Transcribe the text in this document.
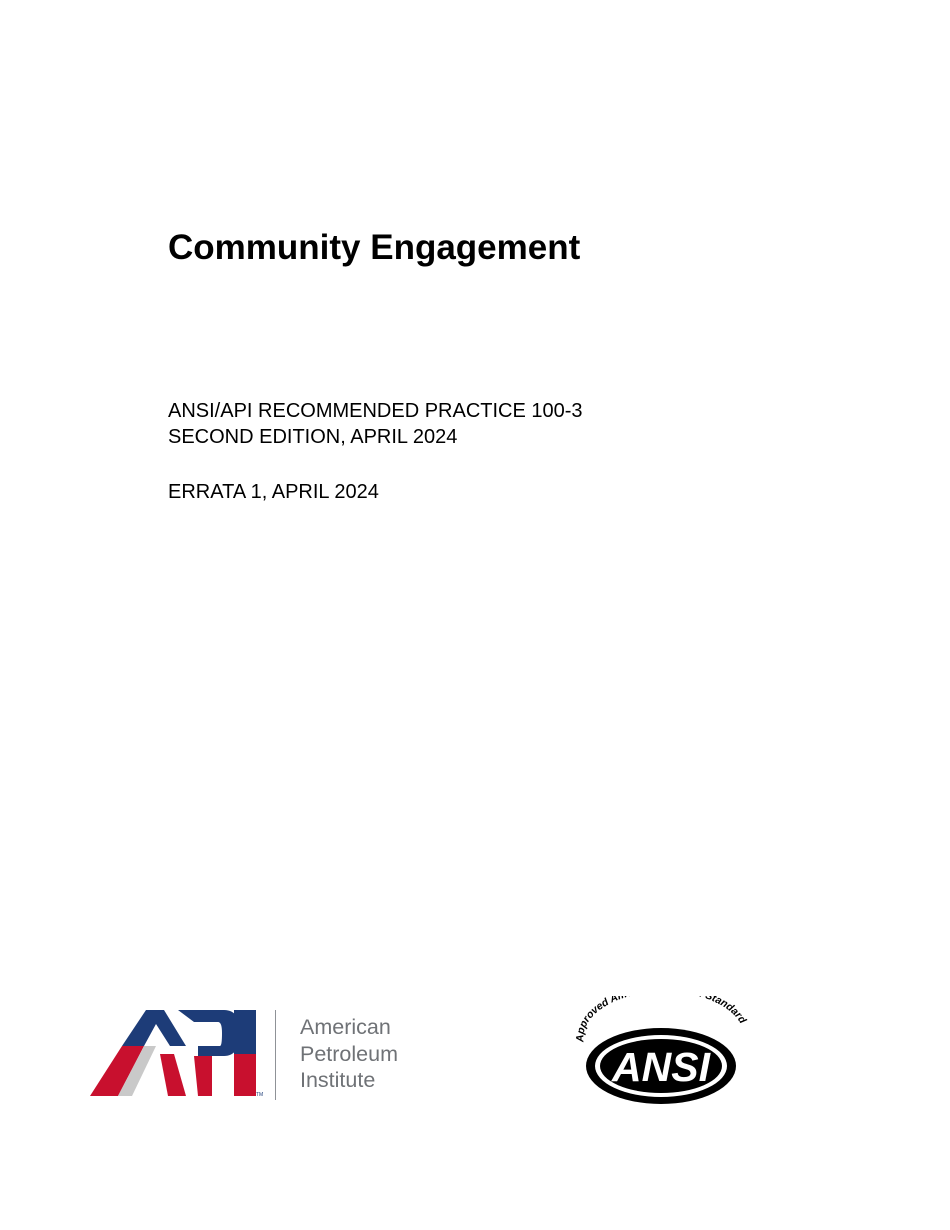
Community Engagement
ANSI/API RECOMMENDED PRACTICE 100-3
SECOND EDITION, APRIL 2024
ERRATA 1, APRIL 2024
TM
American
Petroleum
Institute
Approved A Standard
ANSI
